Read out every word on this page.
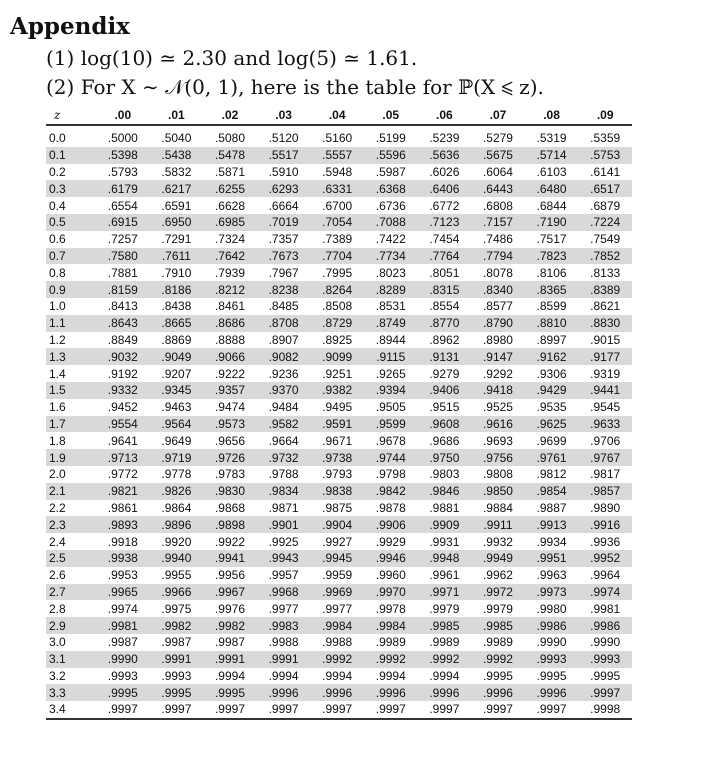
Appendix
(1) log(10) ≃ 2.30 and log(5) ≃ 1.61.
(2) For X ∼ 𝒩(0, 1), here is the table for ℙ(X ⩽ z).
z	.00	.01	.02	.03	.04	.05	.06	.07	.08	.09
0.0	.5000	.5040	.5080	.5120	.5160	.5199	.5239	.5279	.5319	.5359
0.1	.5398	.5438	.5478	.5517	.5557	.5596	.5636	.5675	.5714	.5753
0.2	.5793	.5832	.5871	.5910	.5948	.5987	.6026	.6064	.6103	.6141
0.3	.6179	.6217	.6255	.6293	.6331	.6368	.6406	.6443	.6480	.6517
0.4	.6554	.6591	.6628	.6664	.6700	.6736	.6772	.6808	.6844	.6879
0.5	.6915	.6950	.6985	.7019	.7054	.7088	.7123	.7157	.7190	.7224
0.6	.7257	.7291	.7324	.7357	.7389	.7422	.7454	.7486	.7517	.7549
0.7	.7580	.7611	.7642	.7673	.7704	.7734	.7764	.7794	.7823	.7852
0.8	.7881	.7910	.7939	.7967	.7995	.8023	.8051	.8078	.8106	.8133
0.9	.8159	.8186	.8212	.8238	.8264	.8289	.8315	.8340	.8365	.8389
1.0	.8413	.8438	.8461	.8485	.8508	.8531	.8554	.8577	.8599	.8621
1.1	.8643	.8665	.8686	.8708	.8729	.8749	.8770	.8790	.8810	.8830
1.2	.8849	.8869	.8888	.8907	.8925	.8944	.8962	.8980	.8997	.9015
1.3	.9032	.9049	.9066	.9082	.9099	.9115	.9131	.9147	.9162	.9177
1.4	.9192	.9207	.9222	.9236	.9251	.9265	.9279	.9292	.9306	.9319
1.5	.9332	.9345	.9357	.9370	.9382	.9394	.9406	.9418	.9429	.9441
1.6	.9452	.9463	.9474	.9484	.9495	.9505	.9515	.9525	.9535	.9545
1.7	.9554	.9564	.9573	.9582	.9591	.9599	.9608	.9616	.9625	.9633
1.8	.9641	.9649	.9656	.9664	.9671	.9678	.9686	.9693	.9699	.9706
1.9	.9713	.9719	.9726	.9732	.9738	.9744	.9750	.9756	.9761	.9767
2.0	.9772	.9778	.9783	.9788	.9793	.9798	.9803	.9808	.9812	.9817
2.1	.9821	.9826	.9830	.9834	.9838	.9842	.9846	.9850	.9854	.9857
2.2	.9861	.9864	.9868	.9871	.9875	.9878	.9881	.9884	.9887	.9890
2.3	.9893	.9896	.9898	.9901	.9904	.9906	.9909	.9911	.9913	.9916
2.4	.9918	.9920	.9922	.9925	.9927	.9929	.9931	.9932	.9934	.9936
2.5	.9938	.9940	.9941	.9943	.9945	.9946	.9948	.9949	.9951	.9952
2.6	.9953	.9955	.9956	.9957	.9959	.9960	.9961	.9962	.9963	.9964
2.7	.9965	.9966	.9967	.9968	.9969	.9970	.9971	.9972	.9973	.9974
2.8	.9974	.9975	.9976	.9977	.9977	.9978	.9979	.9979	.9980	.9981
2.9	.9981	.9982	.9982	.9983	.9984	.9984	.9985	.9985	.9986	.9986
3.0	.9987	.9987	.9987	.9988	.9988	.9989	.9989	.9989	.9990	.9990
3.1	.9990	.9991	.9991	.9991	.9992	.9992	.9992	.9992	.9993	.9993
3.2	.9993	.9993	.9994	.9994	.9994	.9994	.9994	.9995	.9995	.9995
3.3	.9995	.9995	.9995	.9996	.9996	.9996	.9996	.9996	.9996	.9997
3.4	.9997	.9997	.9997	.9997	.9997	.9997	.9997	.9997	.9997	.9998
